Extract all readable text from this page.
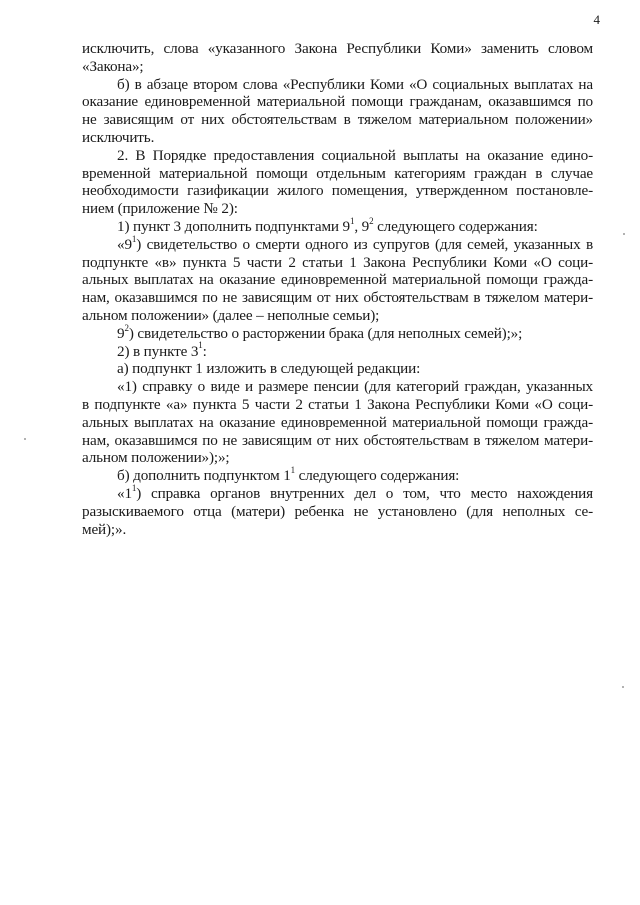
4
исключить, слова «указанного Закона Республики Коми» заменить словом
«Закона»;
б) в абзаце втором слова «Республики Коми «О социальных выплатах на
оказание единовременной материальной помощи гражданам, оказавшимся по
не зависящим от них обстоятельствам в тяжелом материальном положении»
исключить.
2. В Порядке предоставления социальной выплаты на оказание едино-
временной материальной помощи отдельным категориям граждан в случае
необходимости газификации жилого помещения, утвержденном постановле-
нием (приложение № 2):
1) пункт 3 дополнить подпунктами $9^1$, $9^2$ следующего содержания:
«$9^1$) свидетельство о смерти одного из супругов (для семей, указанных в
подпункте «в» пункта 5 части 2 статьи 1 Закона Республики Коми «О соци-
альных выплатах на оказание единовременной материальной помощи гражда-
нам, оказавшимся по не зависящим от них обстоятельствам в тяжелом матери-
альном положении» (далее – неполные семьи);
$9^2$) свидетельство о расторжении брака (для неполных семей);»;
2) в пункте $3^1$:
а) подпункт 1 изложить в следующей редакции:
«1) справку о виде и размере пенсии (для категорий граждан, указанных
в подпункте «а» пункта 5 части 2 статьи 1 Закона Республики Коми «О соци-
альных выплатах на оказание единовременной материальной помощи гражда-
нам, оказавшимся по не зависящим от них обстоятельствам в тяжелом матери-
альном положении»);»;
б) дополнить подпунктом $1^1$ следующего содержания:
«$1^1$) справка органов внутренних дел о том, что место нахождения
разыскиваемого отца (матери) ребенка не установлено (для неполных се-
мей);».
